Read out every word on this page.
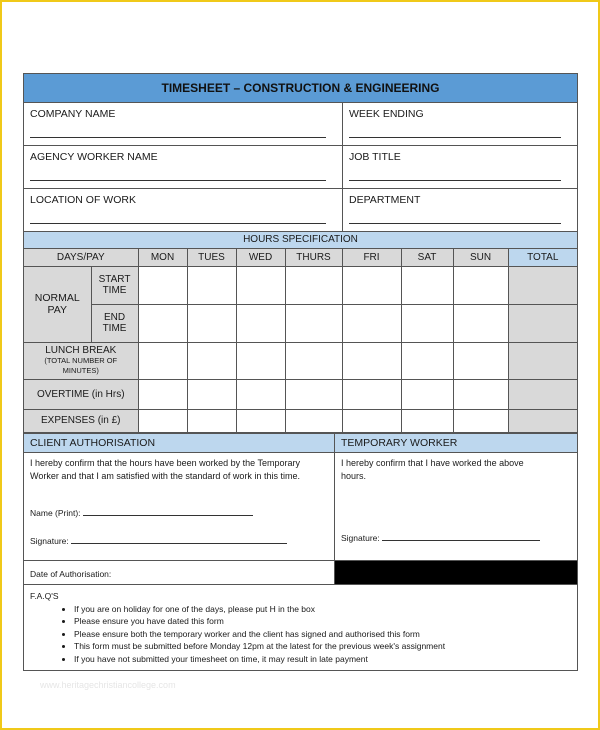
TIMESHEET – CONSTRUCTION & ENGINEERING
COMPANY NAME	WEEK ENDING
AGENCY WORKER NAME	JOB TITLE
LOCATION OF WORK	DEPARTMENT
HOURS SPECIFICATION
DAYS/PAY		MON	TUES	WED	THURS	FRI	SAT	SUN	TOTAL
NORMAL PAY	START TIME								
	END TIME								

LUNCH BREAK
(TOTAL NUMBER OF MINUTES)									

OVERTIME (in Hrs)									
EXPENSES (in £)									
CLIENT AUTHORISATION
I hereby confirm that the hours have been worked by the Temporary Worker and that I am satisfied with the standard of work in this time.
Name (Print):
Signature:
TEMPORARY WORKER
I hereby confirm that I have worked the above hours.
Signature:
Date of Authorisation:
F.A.Q'S
• If you are on holiday for one of the days, please put H in the box
• Please ensure you have dated this form
• Please ensure both the temporary worker and the client has signed and authorised this form
• This form must be submitted before Monday 12pm at the latest for the previous week's assignment
• If you have not submitted your timesheet on time, it may result in late payment
www.heritagechristiancollege.com
